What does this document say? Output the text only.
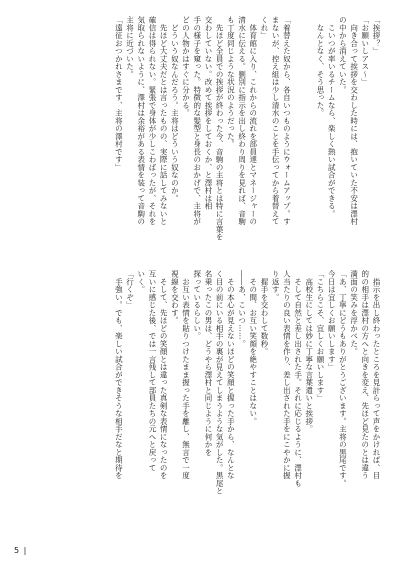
「挨拶？」
「お願いしアス～」
　向き合って挨拶を交わした時には、抱いていた不安は澤村
の中から消えていた。
　こいつが率いるチームなら、楽しく熱い試合ができる。
　なんとなく、そう思った。

「着替えた奴から、各自いつものようにウォームアップ。す
まないが、控え組は少し清水のことを手伝ってから着替えて
くれ」
　体育館に入り、これからの流れを部員達とマネージャーの
清水に伝える。劉別に指示を出し終わり周りを見れば、音駒
も丁度同じような状況のようだった。
　先ほど全員での挨拶が終わった今、音駒の主将とは特に言葉を
交わしていない。改めて挨拶をしておくか、と澤村は相
手の様子を窺った。特徴的な髪型と身長のおかげで、主将が
どの人物かはすぐに分かる。
　どういう奴なんだろう。主将はどういう奴なのか。
　先ほど大丈夫だとは言ったものの、実際に話してみないと
確信は得られない。緊張で身体が少しこわばったが、それを
気取られないように、澤村は余裕がある表情を装って音駒の
主将に近づいた。
「遠征おつかれさまです、主将の澤村です」
　指示を出し終わったところを見計らって声をかければ、目
的の相手は澤村の方へと向きを変え、先ほど見たのとは違う
満面の笑みを浮かべた。
「あ、丁寧にどうもありがとうございます。主将の黒尾です。
今日は宜しくお願いします」
「こちらこそ、宜しくお願いします」
　高校生にしては妙に丁寧な言葉遣いと挨拶。
　そして自然と差し出された手。それに応じるように、澤村も
人当たりの良い表情を作り、差し出された手をにこやかに握
り返す。
　握手を交わして数秒。
　その間、お互い笑顔を絶やすことはない。
――あ、こいつ……。
　その本心が見えないほどの笑顔と握った手から、なんとな
く目の前にいる相手の裏が見えてしまうような気がした。黒尾と
名乗ったこの男は、どうやら澤村と同じように何かを
探っているらしい。
　お互い表情を貼りつけたまま握った手を離し、無言で一度
視線を交わす。
　そして、先ほどの笑顔とは違った真剣な表情になったのを
互いに感じた後、では一言残して部員たちの元へと戻って
いく。
「行くぞ」
　手強い。でも、楽しい試合ができそうな相手だなと期待を
5 |
